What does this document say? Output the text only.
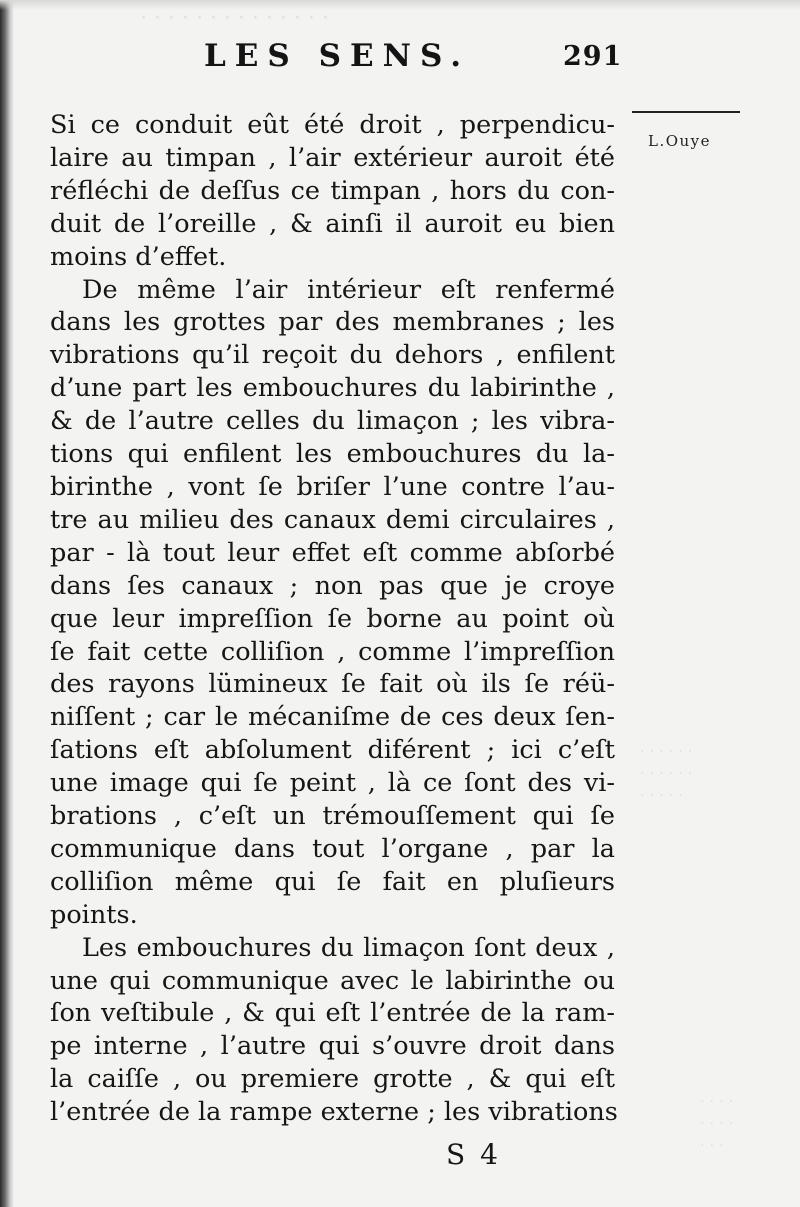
· · · · · · · · · · · · · ·
· · · · · ·
· · · · · ·
· · · · ·
· · · ·
· · · ·
· · ·
LES SENS.	291
L.Ouye
Si ce conduit eût été droit , perpendicu-
laire au timpan , l’air extérieur auroit été
réfléchi de deſſus ce timpan , hors du con-
duit de l’oreille , & ainſi il auroit eu bien
moins d’effet.
De même l’air intérieur eſt renfermé
dans les grottes par des membranes ; les
vibrations qu’il reçoit du dehors , enfilent
d’une part les embouchures du labirinthe ,
& de l’autre celles du limaçon ; les vibra-
tions qui enfilent les embouchures du la-
birinthe , vont ſe briſer l’une contre l’au-
tre au milieu des canaux demi circulaires ,
par - là tout leur effet eſt comme abſorbé
dans ſes canaux ; non pas que je croye
que leur impreſſion ſe borne au point où
ſe fait cette colliſion , comme l’impreſſion
des rayons lümineux ſe fait où ils ſe réü-
niſſent ; car le mécaniſme de ces deux ſen-
ſations eſt abſolument diférent ; ici c’eſt
une image qui ſe peint , là ce ſont des vi-
brations , c’eſt un trémouſſement qui ſe
communique dans tout l’organe , par la
colliſion même qui ſe fait en pluſieurs
points.
Les embouchures du limaçon ſont deux ,
une qui communique avec le labirinthe ou
ſon veſtibule , & qui eſt l’entrée de la ram-
pe interne , l’autre qui s’ouvre droit dans
la caiſſe , ou premiere grotte , & qui eſt
l’entrée de la rampe externe ; les vibrations
S 4
